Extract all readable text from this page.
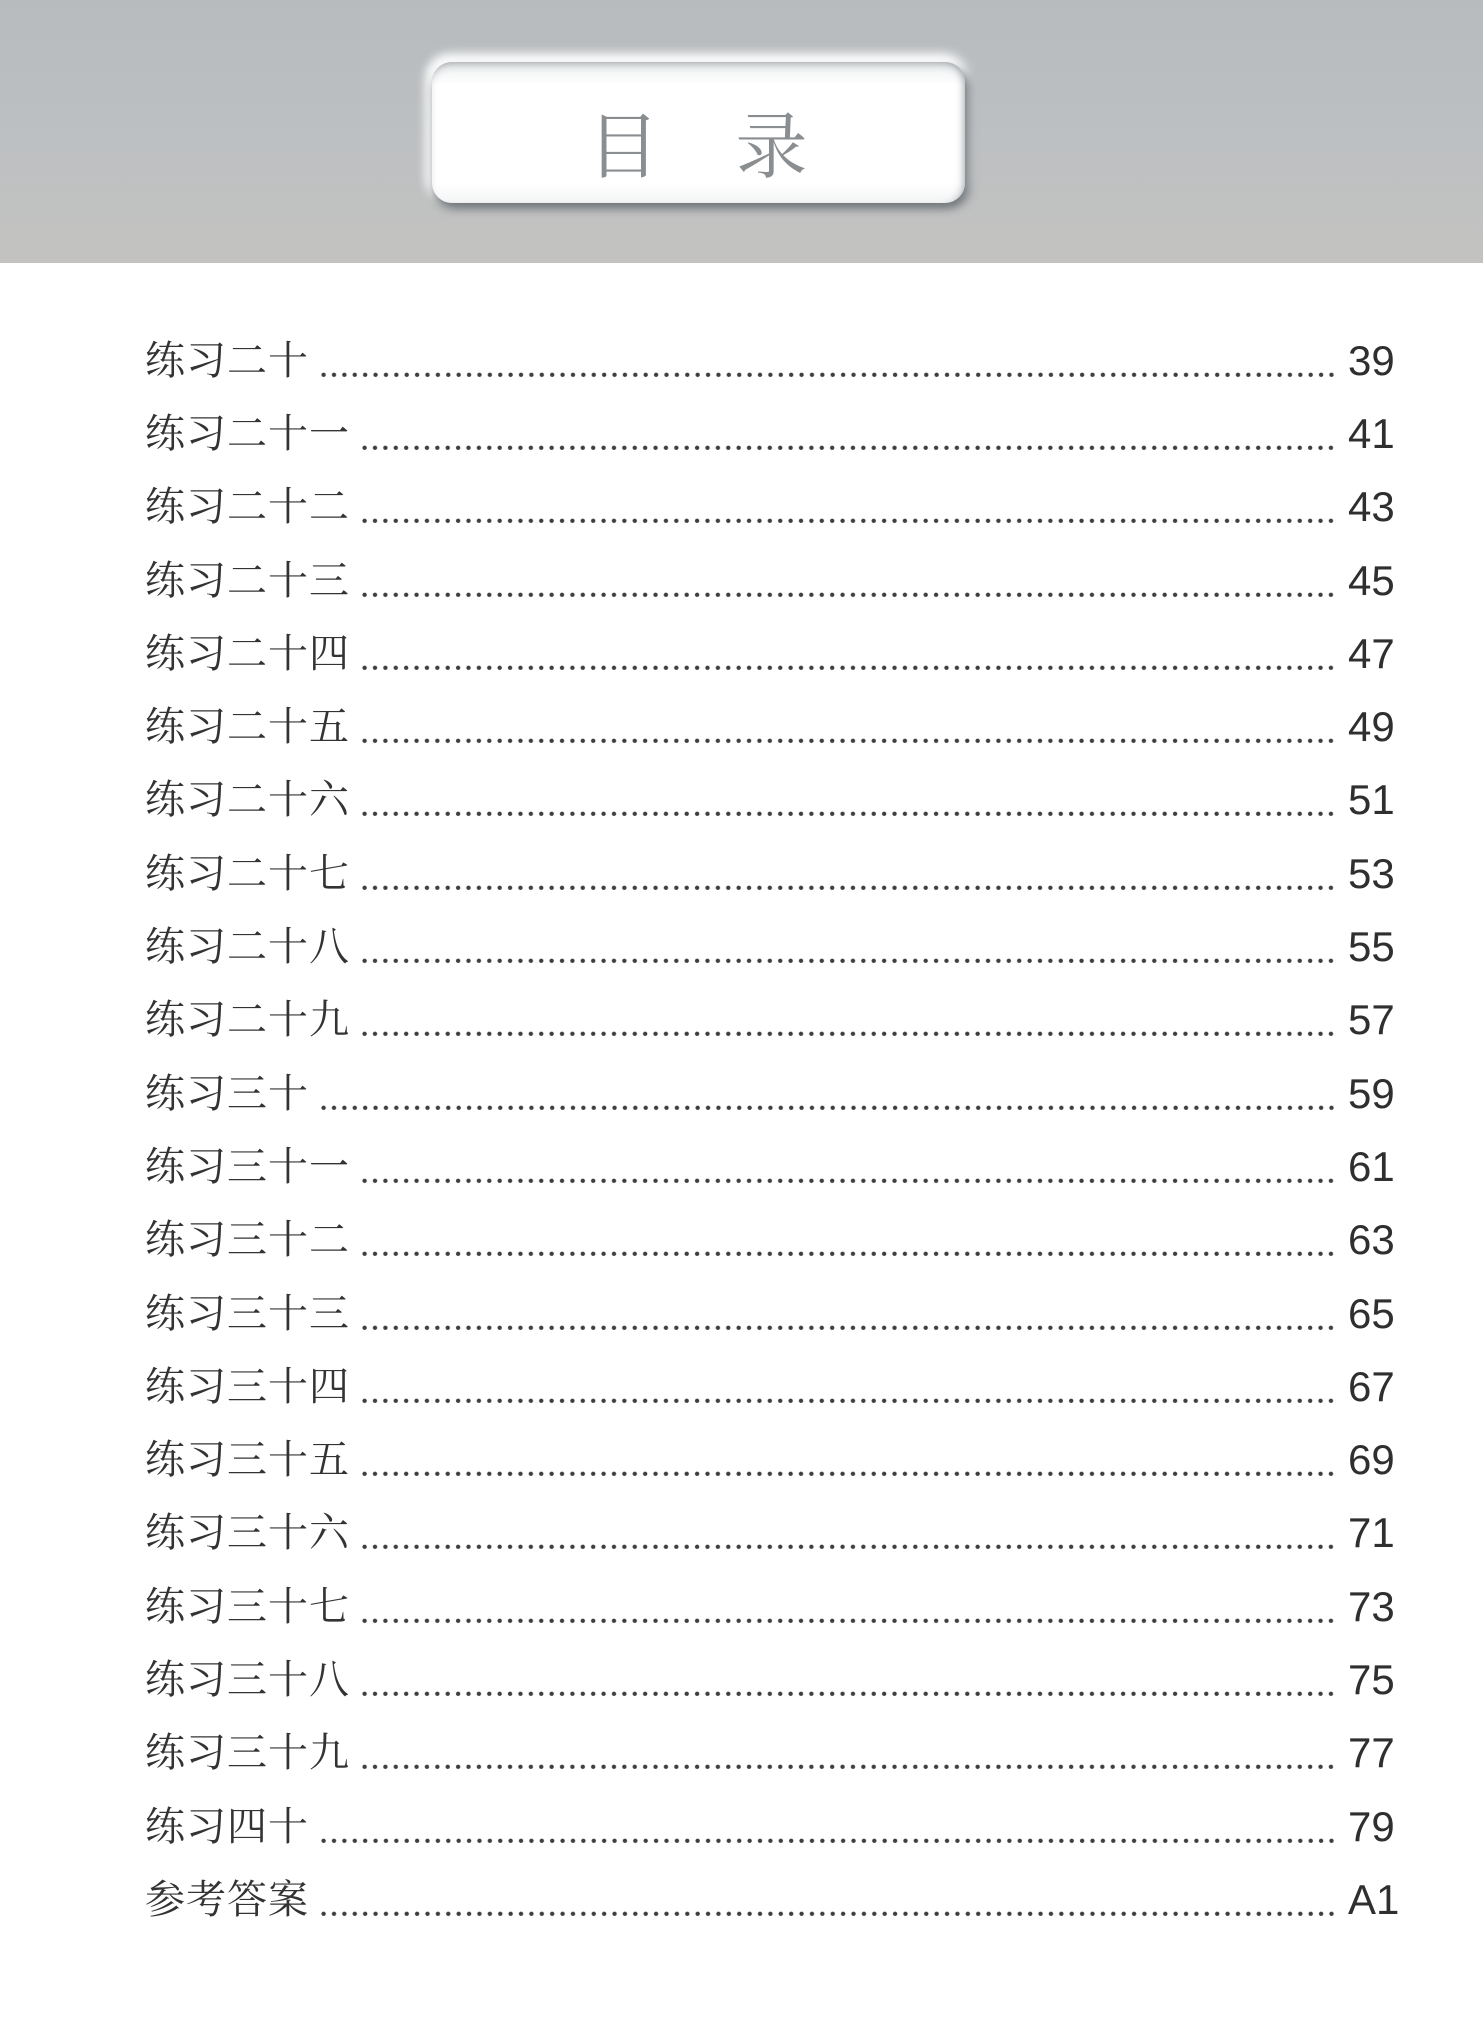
目　录
练习二十	39
练习二十一	41
练习二十二	43
练习二十三	45
练习二十四	47
练习二十五	49
练习二十六	51
练习二十七	53
练习二十八	55
练习二十九	57
练习三十	59
练习三十一	61
练习三十二	63
练习三十三	65
练习三十四	67
练习三十五	69
练习三十六	71
练习三十七	73
练习三十八	75
练习三十九	77
练习四十	79
参考答案	A1
